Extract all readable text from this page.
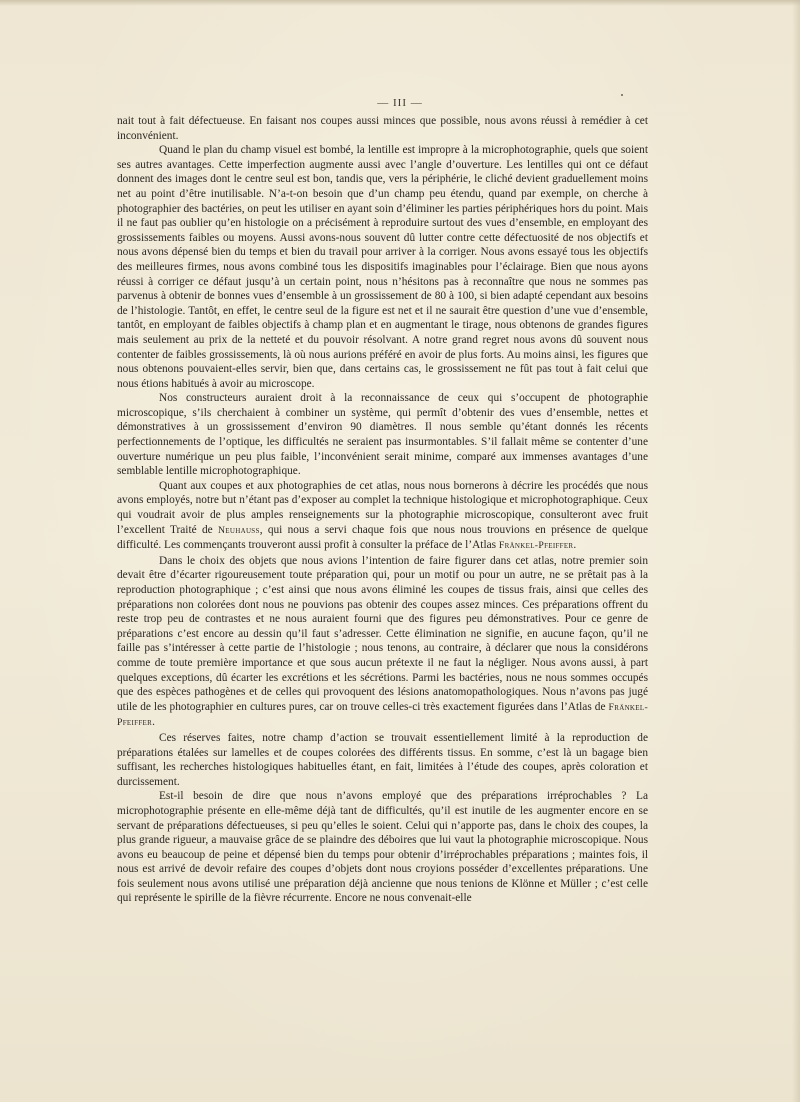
— III —

nait tout à fait défectueuse. En faisant nos coupes aussi minces que possible, nous avons réussi à remédier à cet inconvénient.

Quand le plan du champ visuel est bombé, la lentille est impropre à la microphotographie, quels que soient ses autres avantages. Cette imperfection augmente aussi avec l’angle d’ouverture. Les lentilles qui ont ce défaut donnent des images dont le centre seul est bon, tandis que, vers la périphérie, le cliché devient graduellement moins net au point d’être inutilisable. N’a-t-on besoin que d’un champ peu étendu, quand par exemple, on cherche à photographier des bactéries, on peut les utiliser en ayant soin d’éliminer les parties périphériques hors du point. Mais il ne faut pas oublier qu’en histologie on a précisément à reproduire surtout des vues d’ensemble, en employant des grossissements faibles ou moyens. Aussi avons-nous souvent dû lutter contre cette défectuosité de nos objectifs et nous avons dépensé bien du temps et bien du travail pour arriver à la corriger. Nous avons essayé tous les objectifs des meilleures firmes, nous avons combiné tous les dispositifs imaginables pour l’éclairage. Bien que nous ayons réussi à corriger ce défaut jusqu’à un certain point, nous n’hésitons pas à reconnaître que nous ne sommes pas parvenus à obtenir de bonnes vues d’ensemble à un grossissement de 80 à 100, si bien adapté cependant aux besoins de l’histologie. Tantôt, en effet, le centre seul de la figure est net et il ne saurait être question d’une vue d’ensemble, tantôt, en employant de faibles objectifs à champ plan et en augmentant le tirage, nous obtenons de grandes figures mais seulement au prix de la netteté et du pouvoir résolvant. A notre grand regret nous avons dû souvent nous contenter de faibles grossissements, là où nous aurions préféré en avoir de plus forts. Au moins ainsi, les figures que nous obtenons pouvaient-elles servir, bien que, dans certains cas, le grossissement ne fût pas tout à fait celui que nous étions habitués à avoir au microscope.

Nos constructeurs auraient droit à la reconnaissance de ceux qui s’occupent de photographie microscopique, s’ils cherchaient à combiner un système, qui permît d’obtenir des vues d’ensemble, nettes et démonstratives à un grossissement d’environ 90 diamètres. Il nous semble qu’étant donnés les récents perfectionnements de l’optique, les difficultés ne seraient pas insurmontables. S’il fallait même se contenter d’une ouverture numérique un peu plus faible, l’inconvénient serait minime, comparé aux immenses avantages d’une semblable lentille microphotographique.

Quant aux coupes et aux photographies de cet atlas, nous nous bornerons à décrire les procédés que nous avons employés, notre but n’étant pas d’exposer au complet la technique histologique et microphotographique. Ceux qui voudrait avoir de plus amples renseignements sur la photographie microscopique, consulteront avec fruit l’excellent Traité de Neuhauss, qui nous a servi chaque fois que nous nous trouvions en présence de quelque difficulté. Les commençants trouveront aussi profit à consulter la préface de l’Atlas Fränkel-Pfeiffer.

Dans le choix des objets que nous avions l’intention de faire figurer dans cet atlas, notre premier soin devait être d’écarter rigoureusement toute préparation qui, pour un motif ou pour un autre, ne se prêtait pas à la reproduction photographique ; c’est ainsi que nous avons éliminé les coupes de tissus frais, ainsi que celles des préparations non colorées dont nous ne pouvions pas obtenir des coupes assez minces. Ces préparations offrent du reste trop peu de contrastes et ne nous auraient fourni que des figures peu démonstratives. Pour ce genre de préparations c’est encore au dessin qu’il faut s’adresser. Cette élimination ne signifie, en aucune façon, qu’il ne faille pas s’intéresser à cette partie de l’histologie ; nous tenons, au contraire, à déclarer que nous la considérons comme de toute première importance et que sous aucun prétexte il ne faut la négliger. Nous avons aussi, à part quelques exceptions, dû écarter les excrétions et les sécrétions. Parmi les bactéries, nous ne nous sommes occupés que des espèces pathogènes et de celles qui provoquent des lésions anatomopathologiques. Nous n’avons pas jugé utile de les photographier en cultures pures, car on trouve celles-ci très exactement figurées dans l’Atlas de Fränkel-Pfeiffer.

Ces réserves faites, notre champ d’action se trouvait essentiellement limité à la reproduction de préparations étalées sur lamelles et de coupes colorées des différents tissus. En somme, c’est là un bagage bien suffisant, les recherches histologiques habituelles étant, en fait, limitées à l’étude des coupes, après coloration et durcissement.

Est-il besoin de dire que nous n’avons employé que des préparations irréprochables ? La microphotographie présente en elle-même déjà tant de difficultés, qu’il est inutile de les augmenter encore en se servant de préparations défectueuses, si peu qu’elles le soient. Celui qui n’apporte pas, dans le choix des coupes, la plus grande rigueur, a mauvaise grâce de se plaindre des déboires que lui vaut la photographie microscopique. Nous avons eu beaucoup de peine et dépensé bien du temps pour obtenir d’irréprochables préparations ; maintes fois, il nous est arrivé de devoir refaire des coupes d’objets dont nous croyions posséder d’excellentes préparations. Une fois seulement nous avons utilisé une préparation déjà ancienne que nous tenions de Klönne et Müller ; c’est celle qui représente le spirille de la fièvre récurrente. Encore ne nous convenait-elle
